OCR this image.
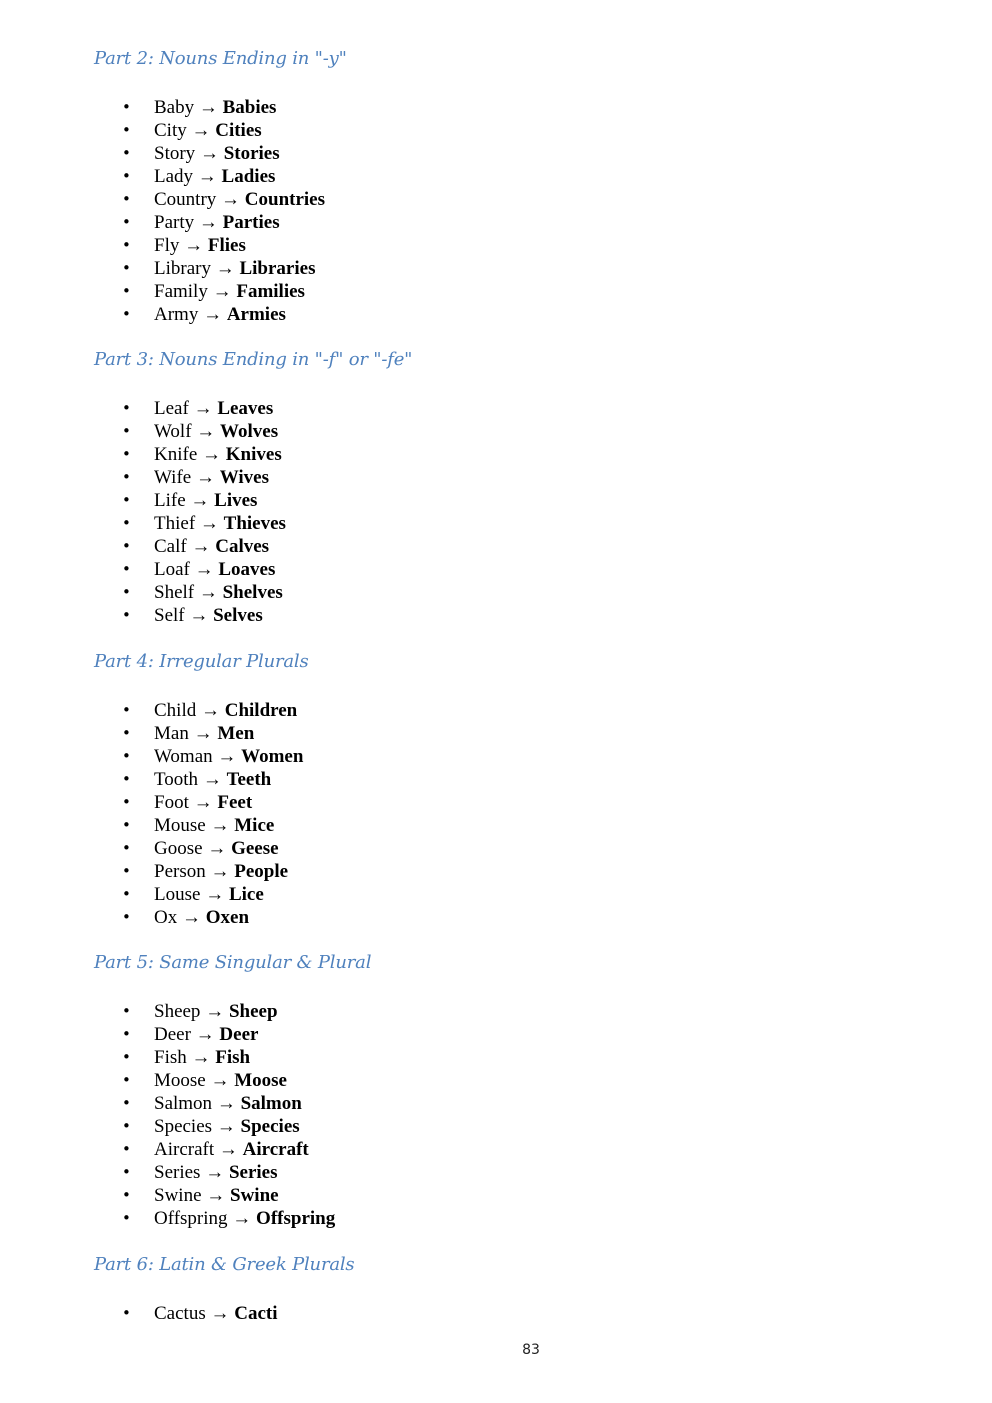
Part 2: Nouns Ending in "-y"
• Baby → Babies
• City → Cities
• Story → Stories
• Lady → Ladies
• Country → Countries
• Party → Parties
• Fly → Flies
• Library → Libraries
• Family → Families
• Army → Armies
Part 3: Nouns Ending in "-f" or "-fe"
• Leaf → Leaves
• Wolf → Wolves
• Knife → Knives
• Wife → Wives
• Life → Lives
• Thief → Thieves
• Calf → Calves
• Loaf → Loaves
• Shelf → Shelves
• Self → Selves
Part 4: Irregular Plurals
• Child → Children
• Man → Men
• Woman → Women
• Tooth → Teeth
• Foot → Feet
• Mouse → Mice
• Goose → Geese
• Person → People
• Louse → Lice
• Ox → Oxen
Part 5: Same Singular & Plural
• Sheep → Sheep
• Deer → Deer
• Fish → Fish
• Moose → Moose
• Salmon → Salmon
• Species → Species
• Aircraft → Aircraft
• Series → Series
• Swine → Swine
• Offspring → Offspring
Part 6: Latin & Greek Plurals
• Cactus → Cacti
83
